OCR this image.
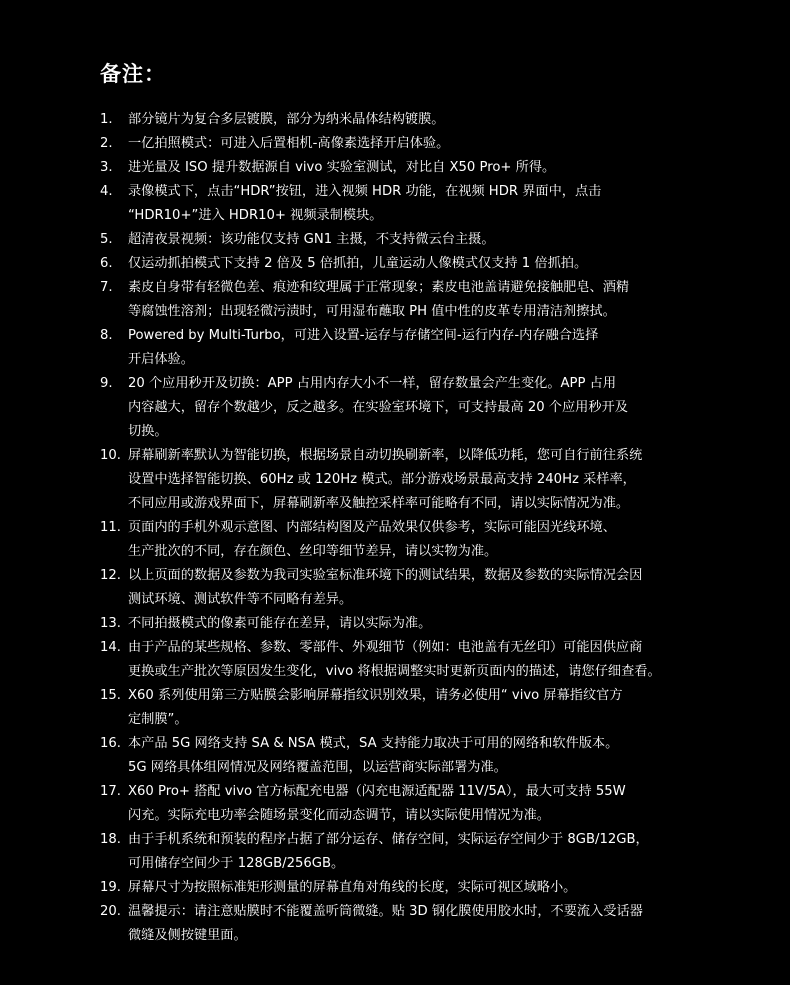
备注：
1.	部分镜片为复合多层镀膜，部分为纳米晶体结构镀膜。
2.	一亿拍照模式：可进入后置相机-高像素选择开启体验。
3.	进光量及 ISO 提升数据源自 vivo 实验室测试，对比自 X50 Pro+ 所得。
4.	录像模式下，点击“HDR”按钮，进入视频 HDR 功能，在视频 HDR 界面中，点击
“HDR10+”进入 HDR10+ 视频录制模块。
5.	超清夜景视频：该功能仅支持 GN1 主摄，不支持微云台主摄。
6.	仅运动抓拍模式下支持 2 倍及 5 倍抓拍，儿童运动人像模式仅支持 1 倍抓拍。
7.	素皮自身带有轻微色差、痕迹和纹理属于正常现象；素皮电池盖请避免接触肥皂、酒精
等腐蚀性溶剂；出现轻微污渍时，可用湿布蘸取 PH 值中性的皮革专用清洁剂擦拭。
8.	Powered by Multi-Turbo，可进入设置-运存与存储空间-运行内存-内存融合选择
开启体验。
9.	20 个应用秒开及切换：APP 占用内存大小不一样，留存数量会产生变化。APP 占用
内容越大，留存个数越少，反之越多。在实验室环境下，可支持最高 20 个应用秒开及
切换。
10. 屏幕刷新率默认为智能切换，根据场景自动切换刷新率，以降低功耗，您可自行前往系统
设置中选择智能切换、60Hz 或 120Hz 模式。部分游戏场景最高支持 240Hz 采样率，
不同应用或游戏界面下，屏幕刷新率及触控采样率可能略有不同，请以实际情况为准。
11. 页面内的手机外观示意图、内部结构图及产品效果仅供参考，实际可能因光线环境、
生产批次的不同，存在颜色、丝印等细节差异，请以实物为准。
12. 以上页面的数据及参数为我司实验室标准环境下的测试结果，数据及参数的实际情况会因
测试环境、测试软件等不同略有差异。
13. 不同拍摄模式的像素可能存在差异，请以实际为准。
14. 由于产品的某些规格、参数、零部件、外观细节（例如：电池盖有无丝印）可能因供应商
更换或生产批次等原因发生变化，vivo 将根据调整实时更新页面内的描述，请您仔细查看。
15. X60 系列使用第三方贴膜会影响屏幕指纹识别效果，请务必使用“ vivo 屏幕指纹官方
定制膜”。
16. 本产品 5G 网络支持 SA & NSA 模式，SA 支持能力取决于可用的网络和软件版本。
5G 网络具体组网情况及网络覆盖范围，以运营商实际部署为准。
17. X60 Pro+ 搭配 vivo 官方标配充电器（闪充电源适配器 11V/5A），最大可支持 55W
闪充。实际充电功率会随场景变化而动态调节，请以实际使用情况为准。
18. 由于手机系统和预装的程序占据了部分运存、储存空间，实际运存空间少于 8GB/12GB，
可用储存空间少于 128GB/256GB。
19. 屏幕尺寸为按照标准矩形测量的屏幕直角对角线的长度，实际可视区域略小。
20. 温馨提示：请注意贴膜时不能覆盖听筒微缝。贴 3D 钢化膜使用胶水时，不要流入受话器
微缝及侧按键里面。
